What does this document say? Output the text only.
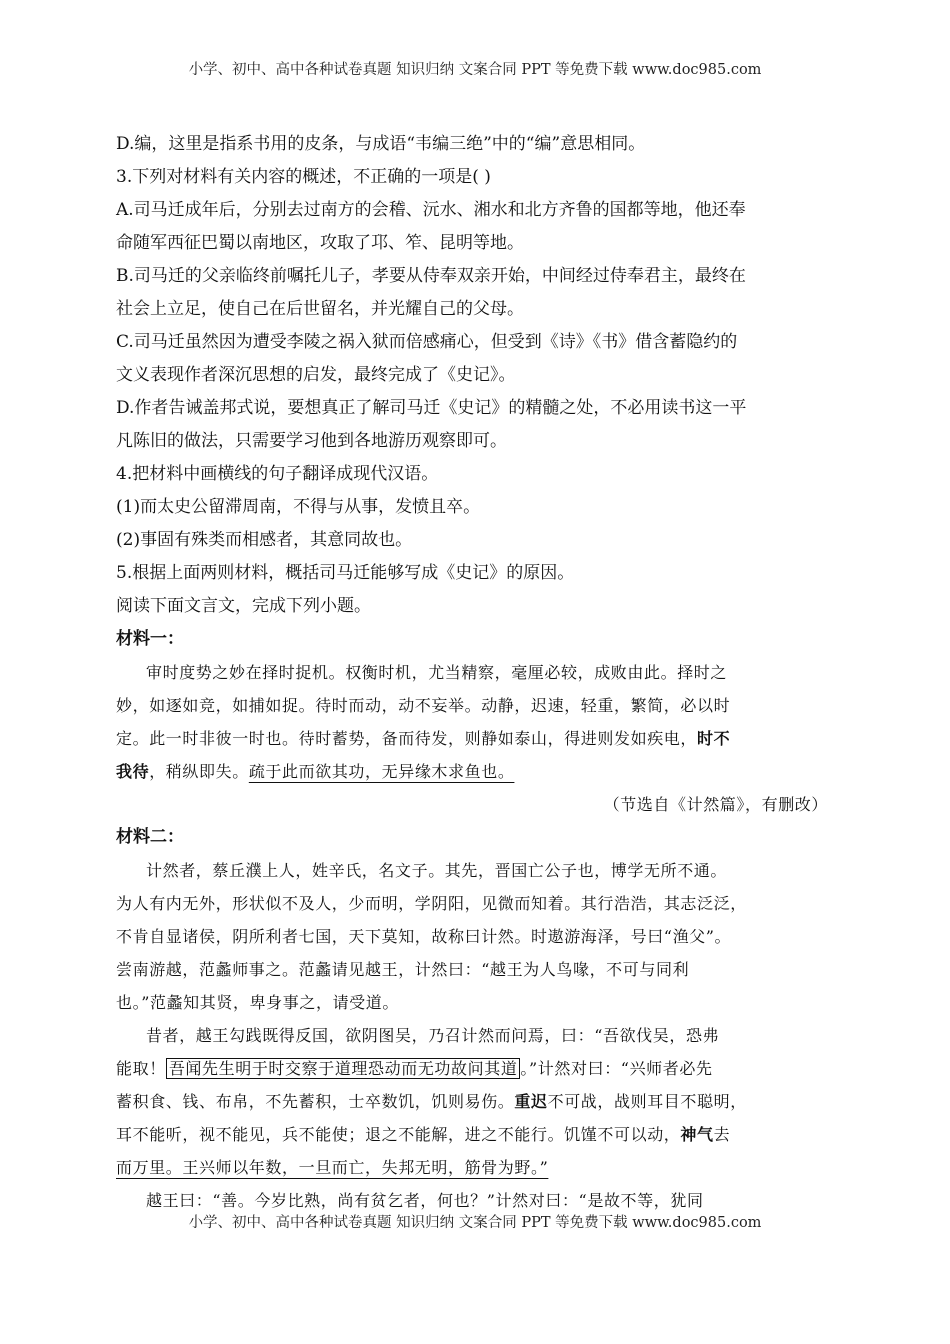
小学、初中、高中各种试卷真题 知识归纳 文案合同 PPT 等免费下载 www.doc985.com
D.编，这里是指系书用的皮条，与成语“韦编三绝”中的“编”意思相同。
3.下列对材料有关内容的概述，不正确的一项是( )
A.司马迁成年后，分别去过南方的会稽、沅水、湘水和北方齐鲁的国都等地，他还奉
命随军西征巴蜀以南地区，攻取了邛、笮、昆明等地。
B.司马迁的父亲临终前嘱托儿子，孝要从侍奉双亲开始，中间经过侍奉君主，最终在
社会上立足，使自己在后世留名，并光耀自己的父母。
C.司马迁虽然因为遭受李陵之祸入狱而倍感痛心，但受到《诗》《书》借含蓄隐约的
文义表现作者深沉思想的启发，最终完成了《史记》。
D.作者告诫盖邦式说，要想真正了解司马迁《史记》的精髓之处，不必用读书这一平
凡陈旧的做法，只需要学习他到各地游历观察即可。
4.把材料中画横线的句子翻译成现代汉语。
(1)而太史公留滞周南，不得与从事，发愤且卒。
(2)事固有殊类而相感者，其意同故也。
5.根据上面两则材料，概括司马迁能够写成《史记》的原因。
阅读下面文言文，完成下列小题。
材料一：
审时度势之妙在择时捉机。权衡时机，尤当精察，毫厘必较，成败由此。择时之
妙，如逐如竞，如捕如捉。待时而动，动不妄举。动静，迟速，轻重，繁简，必以时
定。此一时非彼一时也。待时蓄势，备而待发，则静如泰山，得进则发如疾电，时不
我待，稍纵即失。疏于此而欲其功，无异缘木求鱼也。
（节选自《计然篇》，有删改）
材料二：
计然者，蔡丘濮上人，姓辛氏，名文子。其先，晋国亡公子也，博学无所不通。
为人有内无外，形状似不及人，少而明，学阴阳，见微而知着。其行浩浩，其志泛泛，
不肯自显诸侯，阴所利者七国，天下莫知，故称曰计然。时遨游海泽，号曰“渔父”。
尝南游越，范蠡师事之。范蠡请见越王，计然曰：“越王为人鸟喙，不可与同利
也。”范蠡知其贤，卑身事之，请受道。
昔者，越王勾践既得反国，欲阴图吴，乃召计然而问焉，曰：“吾欲伐吴，恐弗
能取！ 吾闻先生明于时交察于道理恐动而无功故问其道 。”计然对曰：“兴师者必先
蓄积食、钱、布帛，不先蓄积，士卒数饥，饥则易伤。重迟不可战，战则耳目不聪明，
耳不能听，视不能见，兵不能使；退之不能解，进之不能行。饥馑不可以动，神气去
而万里。王兴师以年数，一旦而亡，失邦无明，筋骨为野。”
越王曰：“善。今岁比熟，尚有贫乞者，何也？”计然对曰：“是故不等，犹同
小学、初中、高中各种试卷真题 知识归纳 文案合同 PPT 等免费下载 www.doc985.com
